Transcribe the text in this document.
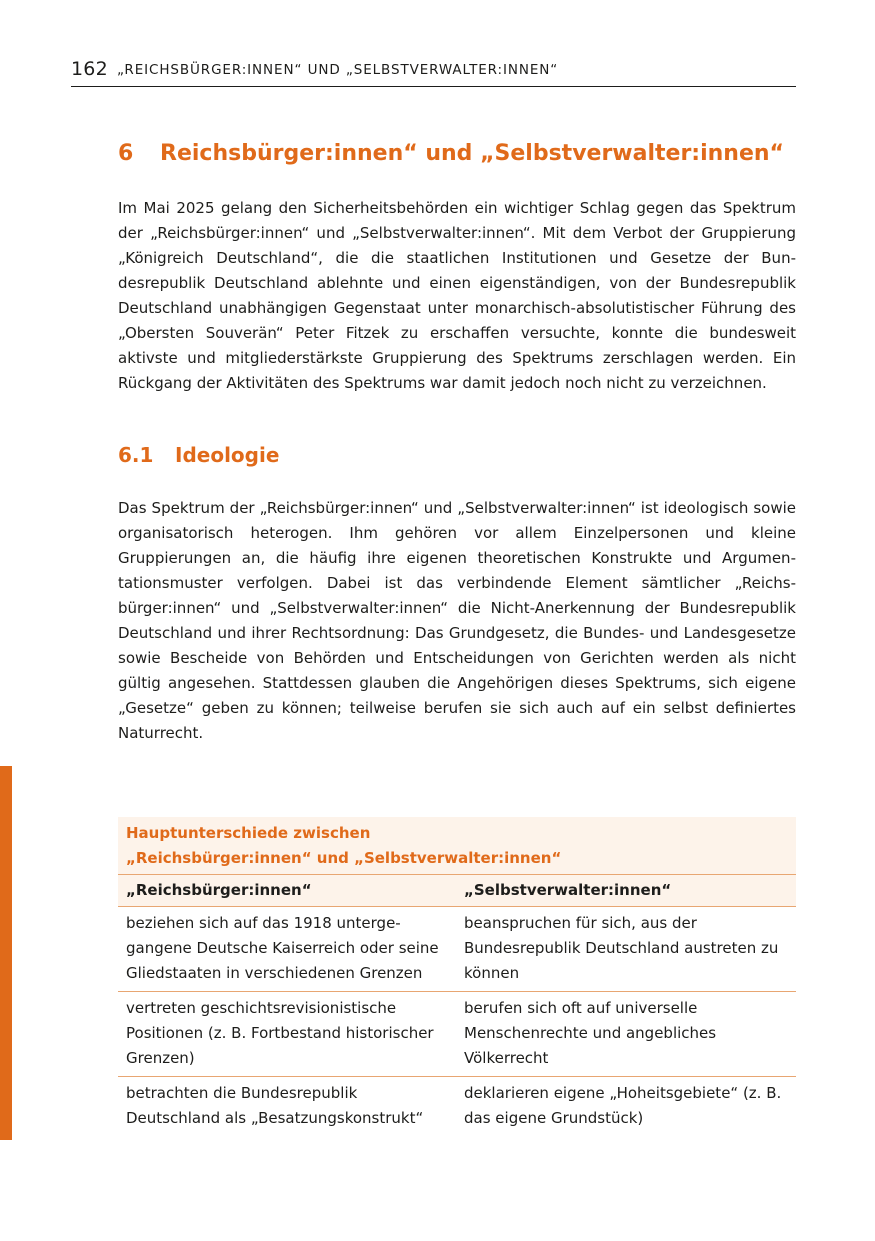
162 „REICHSBÜRGER:INNEN“ UND „SELBSTVERWALTER:INNEN“
6 Reichsbürger:innen“ und „Selbstverwalter:innen“

Im Mai 2025 gelang den Sicherheitsbehörden ein wichtiger Schlag gegen das Spektrum der „Reichsbürger:innen“ und „Selbstverwalter:innen“. Mit dem Verbot der Gruppierung „Königreich Deutschland“, die die staatlichen Institutionen und Gesetze der Bundesrepublik Deutschland ablehnte und einen eigenständigen, von der Bundesrepublik Deutschland unabhängigen Gegenstaat unter monarchisch-absolutistischer Führung des „Obersten Souverän“ Peter Fitzek zu erschaffen versuchte, konnte die bundesweit aktivste und mitgliederstärkste Gruppierung des Spektrums zerschlagen werden. Ein Rückgang der Aktivitäten des Spektrums war damit jedoch noch nicht zu verzeichnen.

6.1 Ideologie

Das Spektrum der „Reichsbürger:innen“ und „Selbstverwalter:innen“ ist ideologisch sowie organisatorisch heterogen. Ihm gehören vor allem Einzelpersonen und kleine Gruppierungen an, die häufig ihre eigenen theoretischen Konstrukte und Argumentationsmuster verfolgen. Dabei ist das verbindende Element sämtlicher „Reichsbürger:innen“ und „Selbstverwalter:innen“ die Nicht-Anerkennung der Bundesrepublik Deutschland und ihrer Rechtsordnung: Das Grundgesetz, die Bundes- und Landesgesetze sowie Bescheide von Behörden und Entscheidungen von Gerichten werden als nicht gültig angesehen. Stattdessen glauben die Angehörigen dieses Spektrums, sich eigene „Gesetze“ geben zu können; teilweise berufen sie sich auch auf ein selbst definiertes Naturrecht.

Hauptunterschiede zwischen
„Reichsbürger:innen“ und „Selbstverwalter:innen“
„Reichsbürger:innen“	„Selbstverwalter:innen“
beziehen sich auf das 1918 untergegangene Deutsche Kaiserreich oder seine Gliedstaaten in verschiedenen Grenzen	beanspruchen für sich, aus der Bundesrepublik Deutschland austreten zu können
vertreten geschichtsrevisionistische Positionen (z. B. Fortbestand historischer Grenzen)	berufen sich oft auf universelle Menschenrechte und angebliches Völkerrecht
betrachten die Bundesrepublik Deutschland als „Besatzungskonstrukt“	deklarieren eigene „Hoheitsgebiete“ (z. B. das eigene Grundstück)
